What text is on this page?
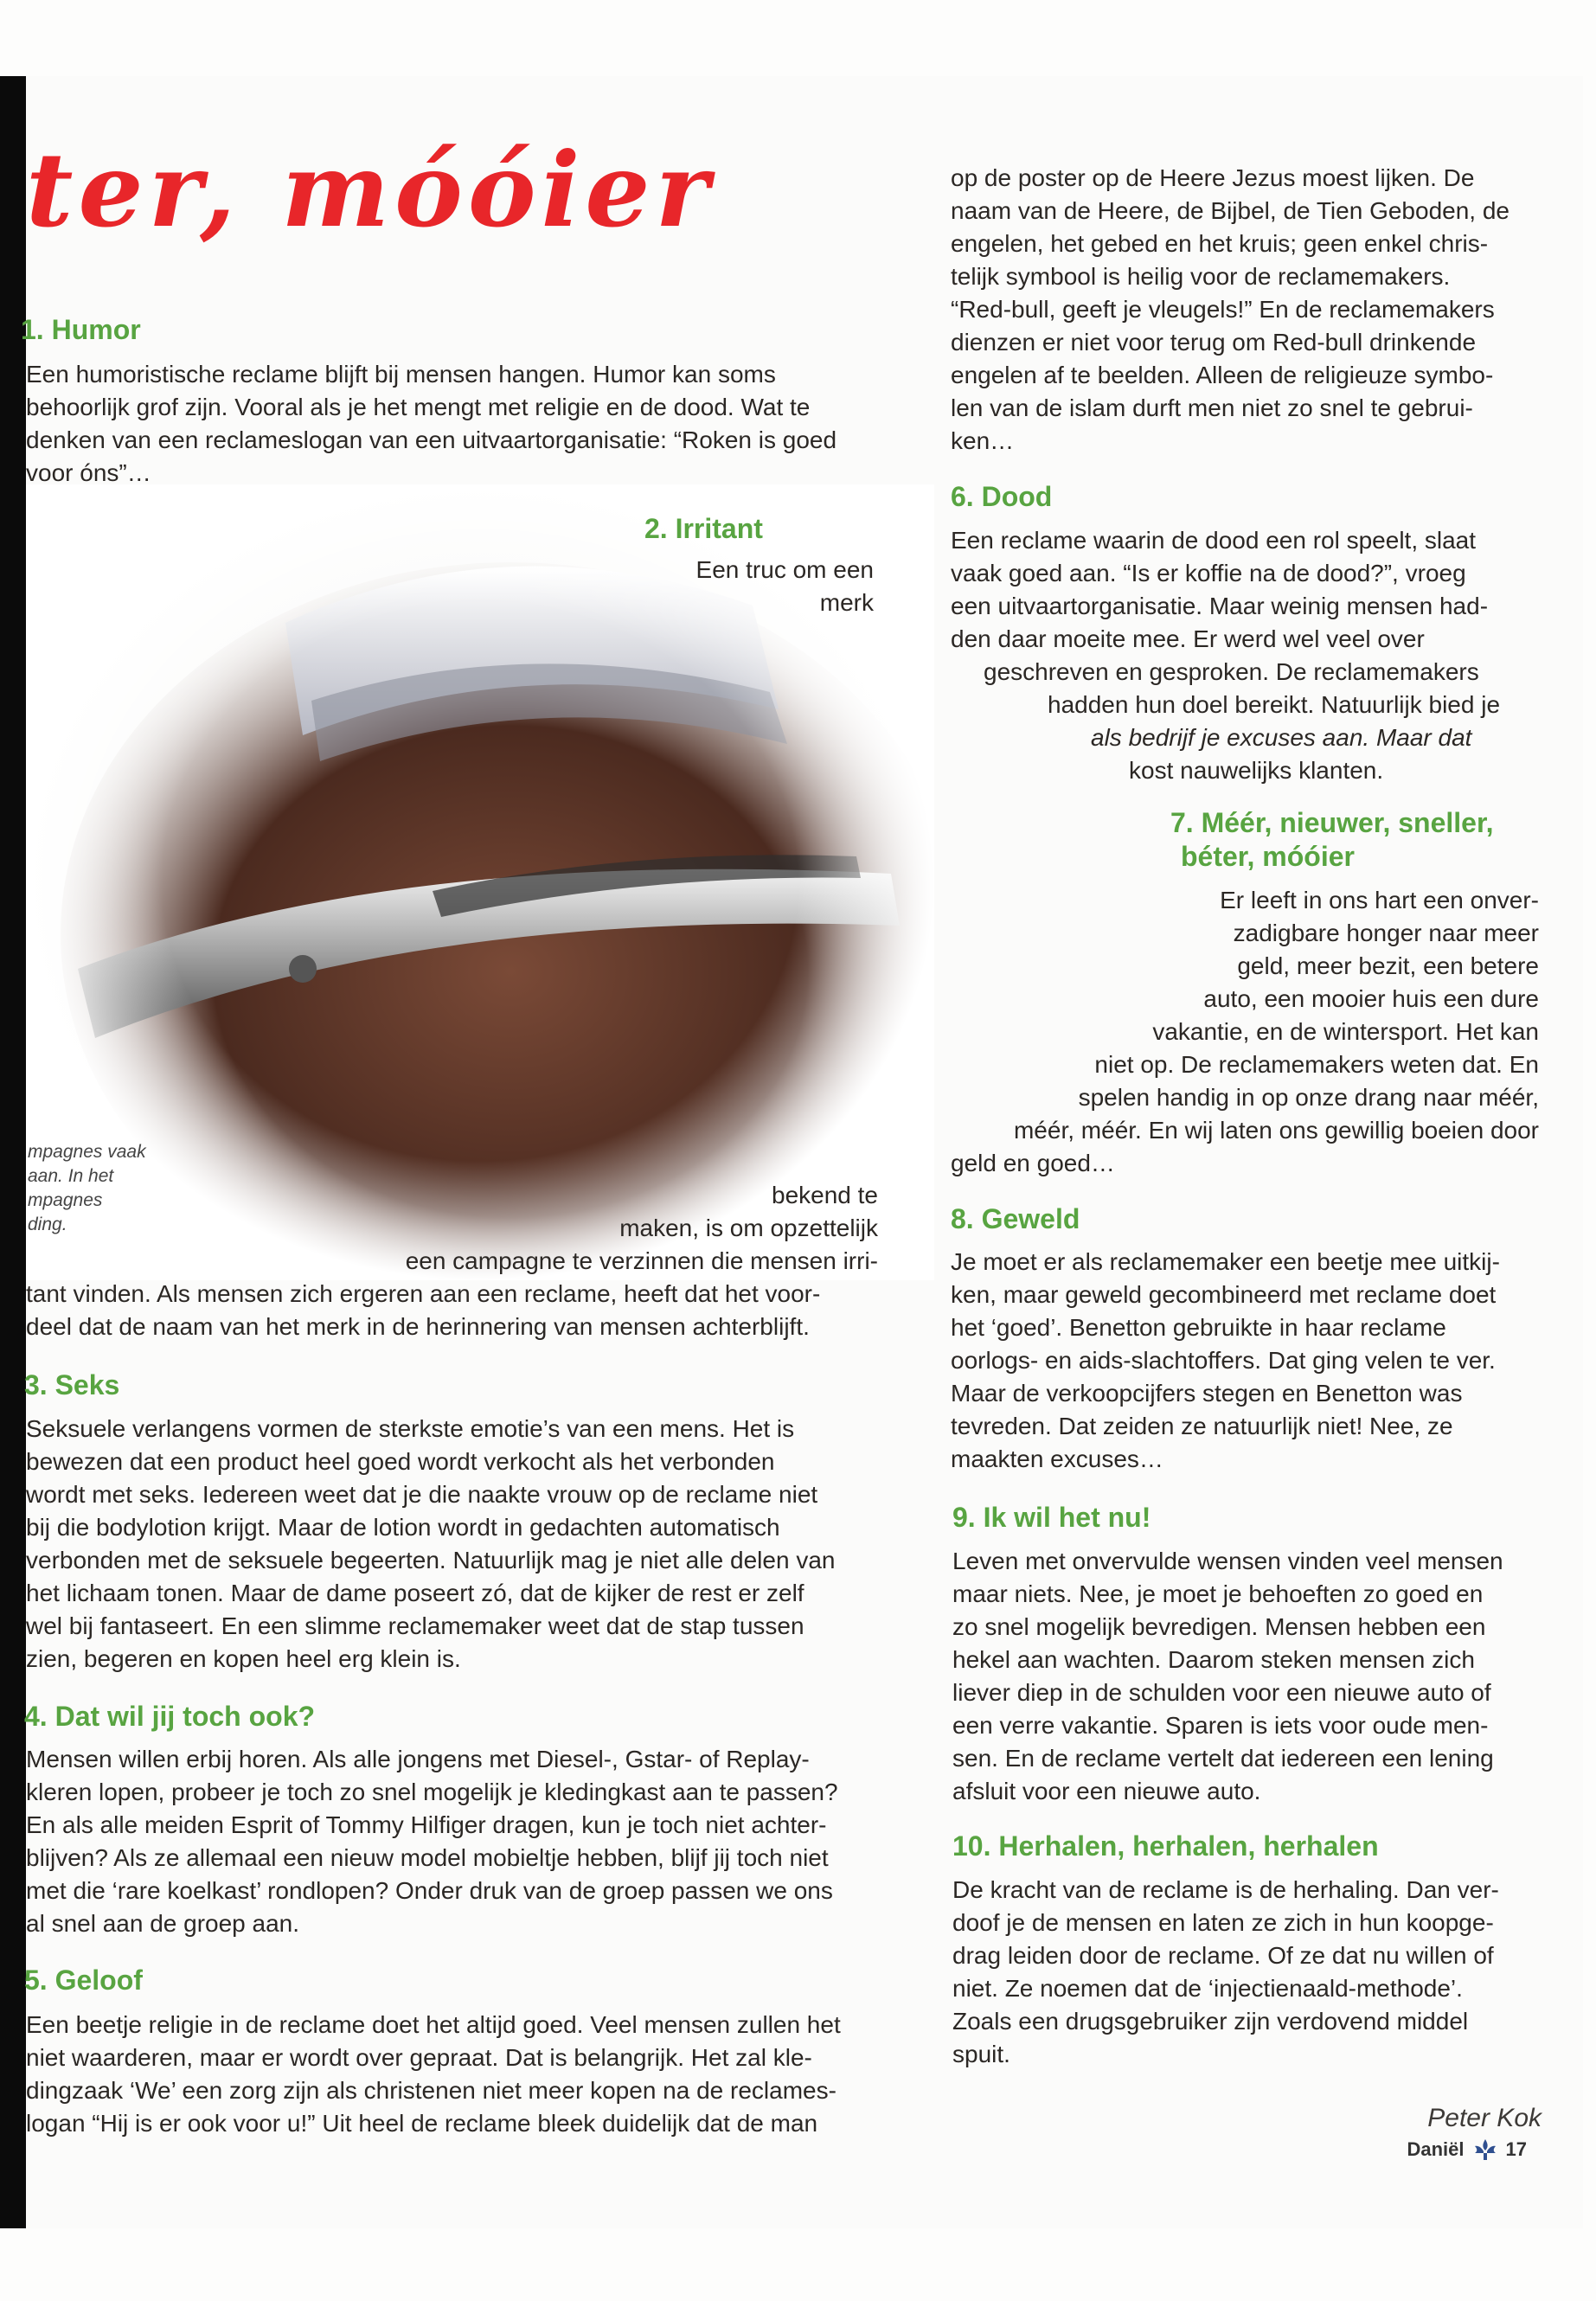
ter, móóier
1. Humor

Een humoristische reclame blijft bij mensen hangen. Humor kan soms
behoorlijk grof zijn. Vooral als je het mengt met religie en de dood. Wat te
denken van een reclameslogan van een uitvaartorganisatie: “Roken is goed
voor óns”…

2. Irritant

Een truc om een
merk

bekend te
maken, is om opzettelijk
een campagne te verzinnen die mensen irri-

tant vinden. Als mensen zich ergeren aan een reclame, heeft dat het voor-
deel dat de naam van het merk in de herinnering van mensen achterblijft.

mpagnes vaak
aan. In het
mpagnes
ding.

3. Seks

Seksuele verlangens vormen de sterkste emotie’s van een mens. Het is
bewezen dat een product heel goed wordt verkocht als het verbonden
wordt met seks. Iedereen weet dat je die naakte vrouw op de reclame niet
bij die bodylotion krijgt. Maar de lotion wordt in gedachten automatisch
verbonden met de seksuele begeerten. Natuurlijk mag je niet alle delen van
het lichaam tonen. Maar de dame poseert zó, dat de kijker de rest er zelf
wel bij fantaseert. En een slimme reclamemaker weet dat de stap tussen
zien, begeren en kopen heel erg klein is.

4. Dat wil jij toch ook?

Mensen willen erbij horen. Als alle jongens met Diesel-, Gstar- of Replay-
kleren lopen, probeer je toch zo snel mogelijk je kledingkast aan te passen?
En als alle meiden Esprit of Tommy Hilfiger dragen, kun je toch niet achter-
blijven? Als ze allemaal een nieuw model mobieltje hebben, blijf jij toch niet
met die ‘rare koelkast’ rondlopen? Onder druk van de groep passen we ons
al snel aan de groep aan.

5. Geloof

Een beetje religie in de reclame doet het altijd goed. Veel mensen zullen het
niet waarderen, maar er wordt over gepraat. Dat is belangrijk. Het zal kle-
dingzaak ‘We’ een zorg zijn als christenen niet meer kopen na de reclames-
logan “Hij is er ook voor u!” Uit heel de reclame bleek duidelijk dat de man

op de poster op de Heere Jezus moest lijken. De
naam van de Heere, de Bijbel, de Tien Geboden, de
engelen, het gebed en het kruis; geen enkel chris-
telijk symbool is heilig voor de reclamemakers.
“Red-bull, geeft je vleugels!” En de reclamemakers
dienzen er niet voor terug om Red-bull drinkende
engelen af te beelden. Alleen de religieuze symbo-
len van de islam durft men niet zo snel te gebrui-
ken…

6. Dood

Een reclame waarin de dood een rol speelt, slaat
vaak goed aan. “Is er koffie na de dood?”, vroeg
een uitvaartorganisatie. Maar weinig mensen had-
den daar moeite mee. Er werd wel veel over
geschreven en gesproken. De reclamemakers
hadden hun doel bereikt. Natuurlijk bied je
als bedrijf je excuses aan. Maar dat
kost nauwelijks klanten.

7. Méér, nieuwer, sneller,
béter, móóier

Er leeft in ons hart een onver-
zadigbare honger naar meer
geld, meer bezit, een betere
auto, een mooier huis een dure
vakantie, en de wintersport. Het kan
niet op. De reclamemakers weten dat. En
spelen handig in op onze drang naar méér,
méér, méér. En wij laten ons gewillig boeien door

geld en goed…

8. Geweld

Je moet er als reclamemaker een beetje mee uitkij-
ken, maar geweld gecombineerd met reclame doet
het ‘goed’. Benetton gebruikte in haar reclame
oorlogs- en aids-slachtoffers. Dat ging velen te ver.
Maar de verkoopcijfers stegen en Benetton was
tevreden. Dat zeiden ze natuurlijk niet! Nee, ze
maakten excuses…

9. Ik wil het nu!

Leven met onvervulde wensen vinden veel mensen
maar niets. Nee, je moet je behoeften zo goed en
zo snel mogelijk bevredigen. Mensen hebben een
hekel aan wachten. Daarom steken mensen zich
liever diep in de schulden voor een nieuwe auto of
een verre vakantie. Sparen is iets voor oude men-
sen. En de reclame vertelt dat iedereen een lening
afsluit voor een nieuwe auto.

10. Herhalen, herhalen, herhalen

De kracht van de reclame is de herhaling. Dan ver-
doof je de mensen en laten ze zich in hun koopge-
drag leiden door de reclame. Of ze dat nu willen of
niet. Ze noemen dat de ‘injectienaald-methode’.
Zoals een drugsgebruiker zijn verdovend middel
spuit.

Peter Kok

Daniël 17
